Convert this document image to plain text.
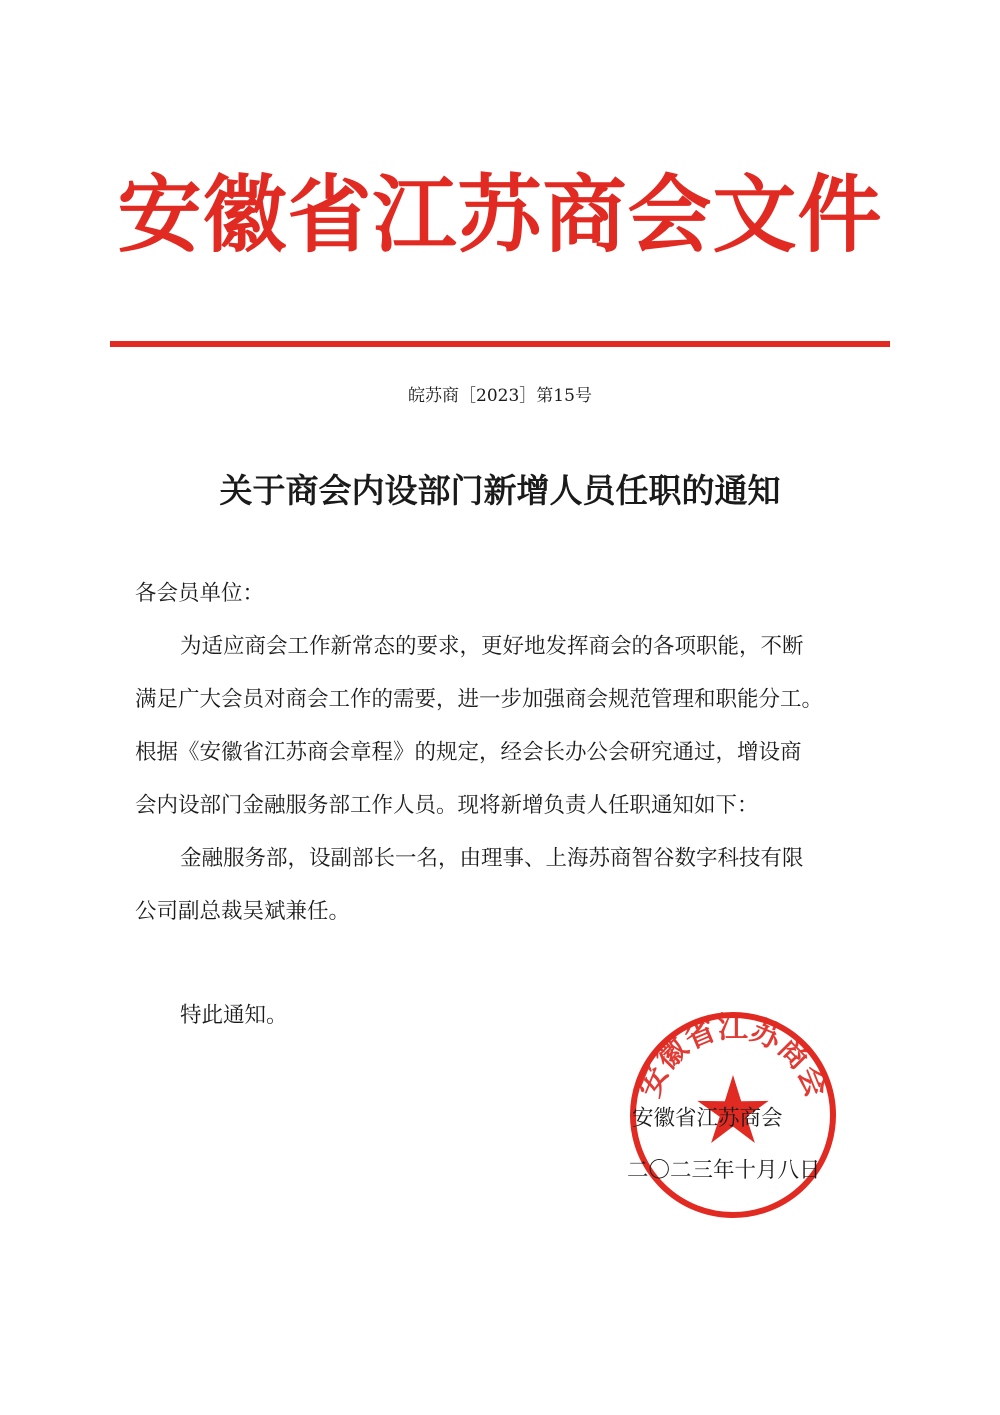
安徽省江苏商会文件
皖苏商［2023］第15号
关于商会内设部门新增人员任职的通知
各会员单位：
为适应商会工作新常态的要求，更好地发挥商会的各项职能，不断
满足广大会员对商会工作的需要，进一步加强商会规范管理和职能分工。
根据《安徽省江苏商会章程》的规定，经会长办公会研究通过，增设商
会内设部门金融服务部工作人员。现将新增负责人任职通知如下：
金融服务部，设副部长一名，由理事、上海苏商智谷数字科技有限
公司副总裁吴斌兼任。
特此通知。
安徽省江苏商会
安徽省江苏商会
二〇二三年十月八日
